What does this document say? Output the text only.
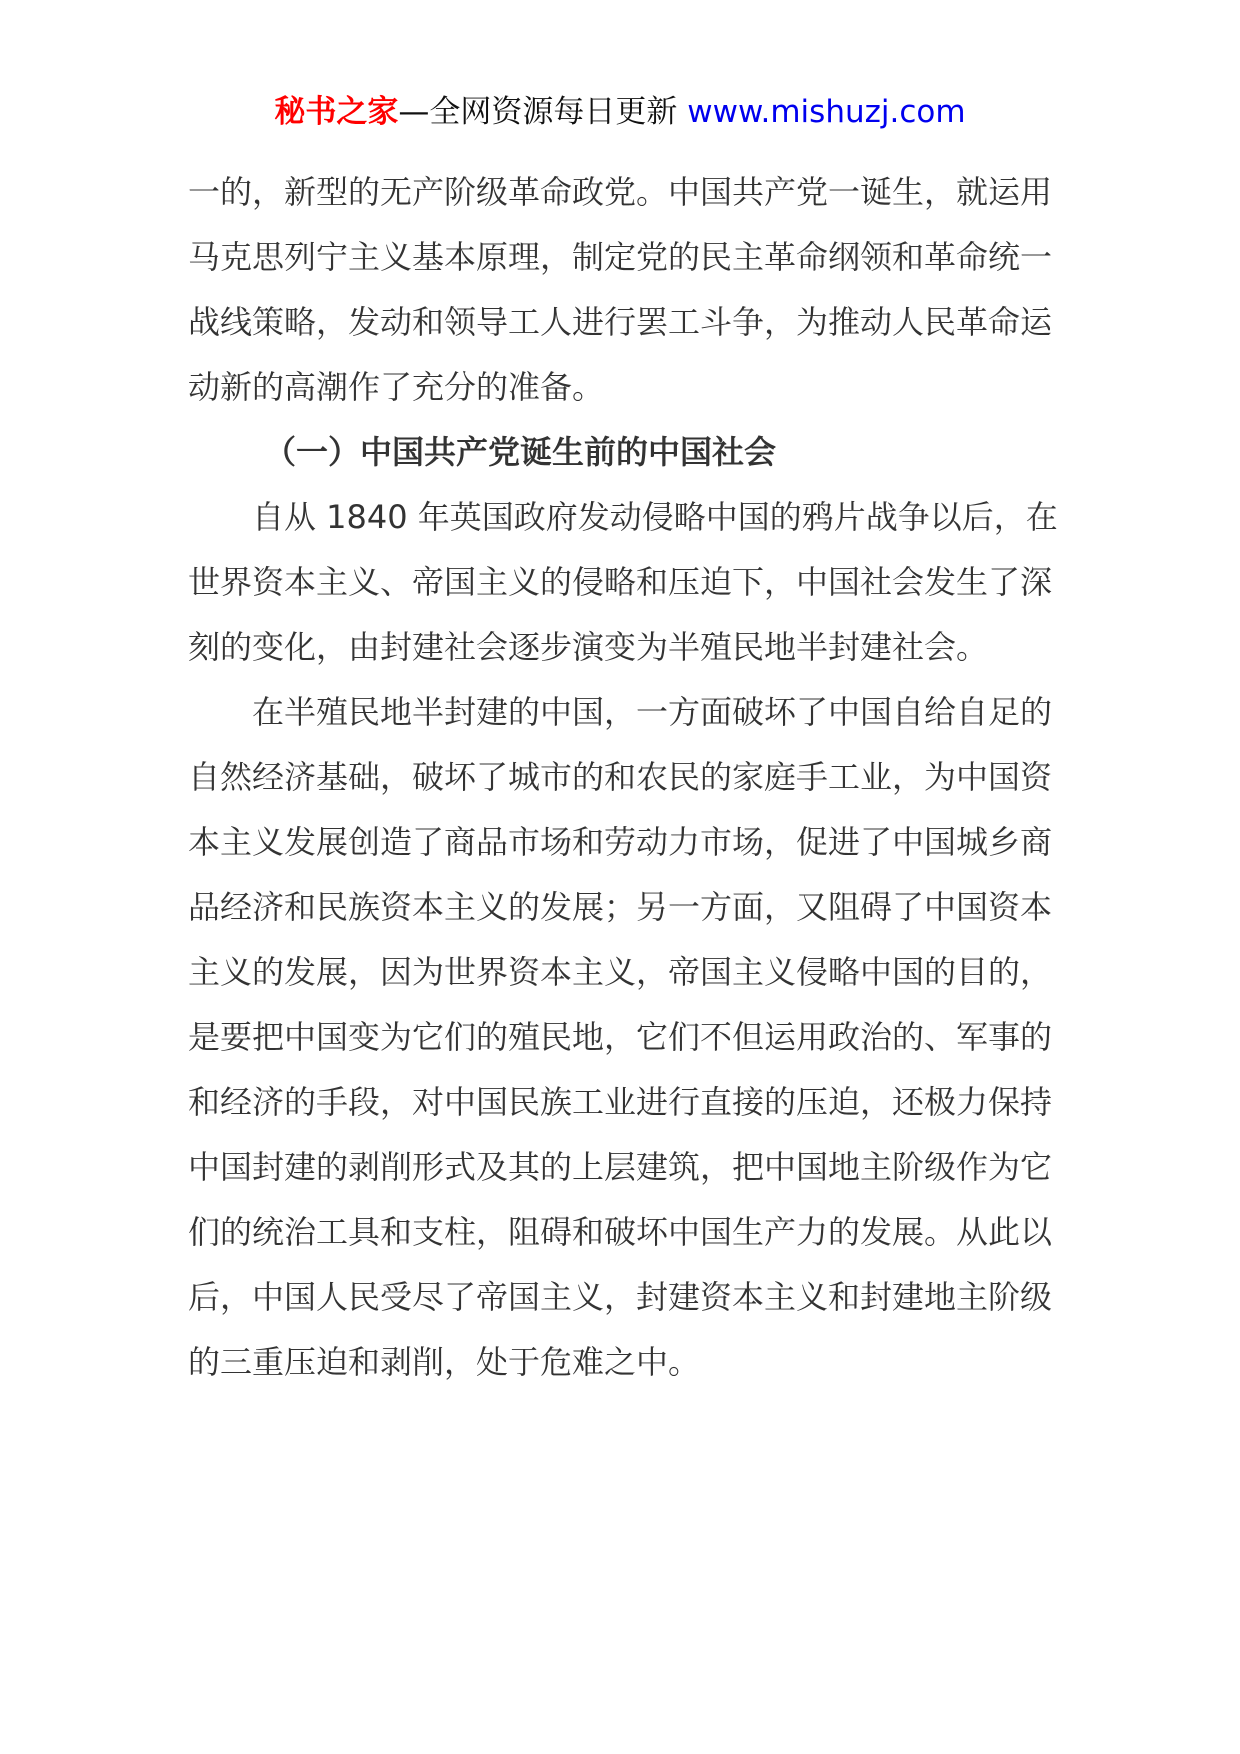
秘书之家—全网资源每日更新 www.mishuzj.com

一的，新型的无产阶级革命政党。中国共产党一诞生，就运用马克思列宁主义基本原理，制定党的民主革命纲领和革命统一战线策略，发动和领导工人进行罢工斗争，为推动人民革命运动新的高潮作了充分的准备。

（一）中国共产党诞生前的中国社会

自从 1840 年英国政府发动侵略中国的鸦片战争以后，在世界资本主义、帝国主义的侵略和压迫下，中国社会发生了深刻的变化，由封建社会逐步演变为半殖民地半封建社会。

在半殖民地半封建的中国，一方面破坏了中国自给自足的自然经济基础，破坏了城市的和农民的家庭手工业，为中国资本主义发展创造了商品市场和劳动力市场，促进了中国城乡商品经济和民族资本主义的发展；另一方面，又阻碍了中国资本主义的发展，因为世界资本主义，帝国主义侵略中国的目的，是要把中国变为它们的殖民地，它们不但运用政治的、军事的和经济的手段，对中国民族工业进行直接的压迫，还极力保持中国封建的剥削形式及其的上层建筑，把中国地主阶级作为它们的统治工具和支柱，阻碍和破坏中国生产力的发展。从此以后，中国人民受尽了帝国主义，封建资本主义和封建地主阶级的三重压迫和剥削，处于危难之中。
